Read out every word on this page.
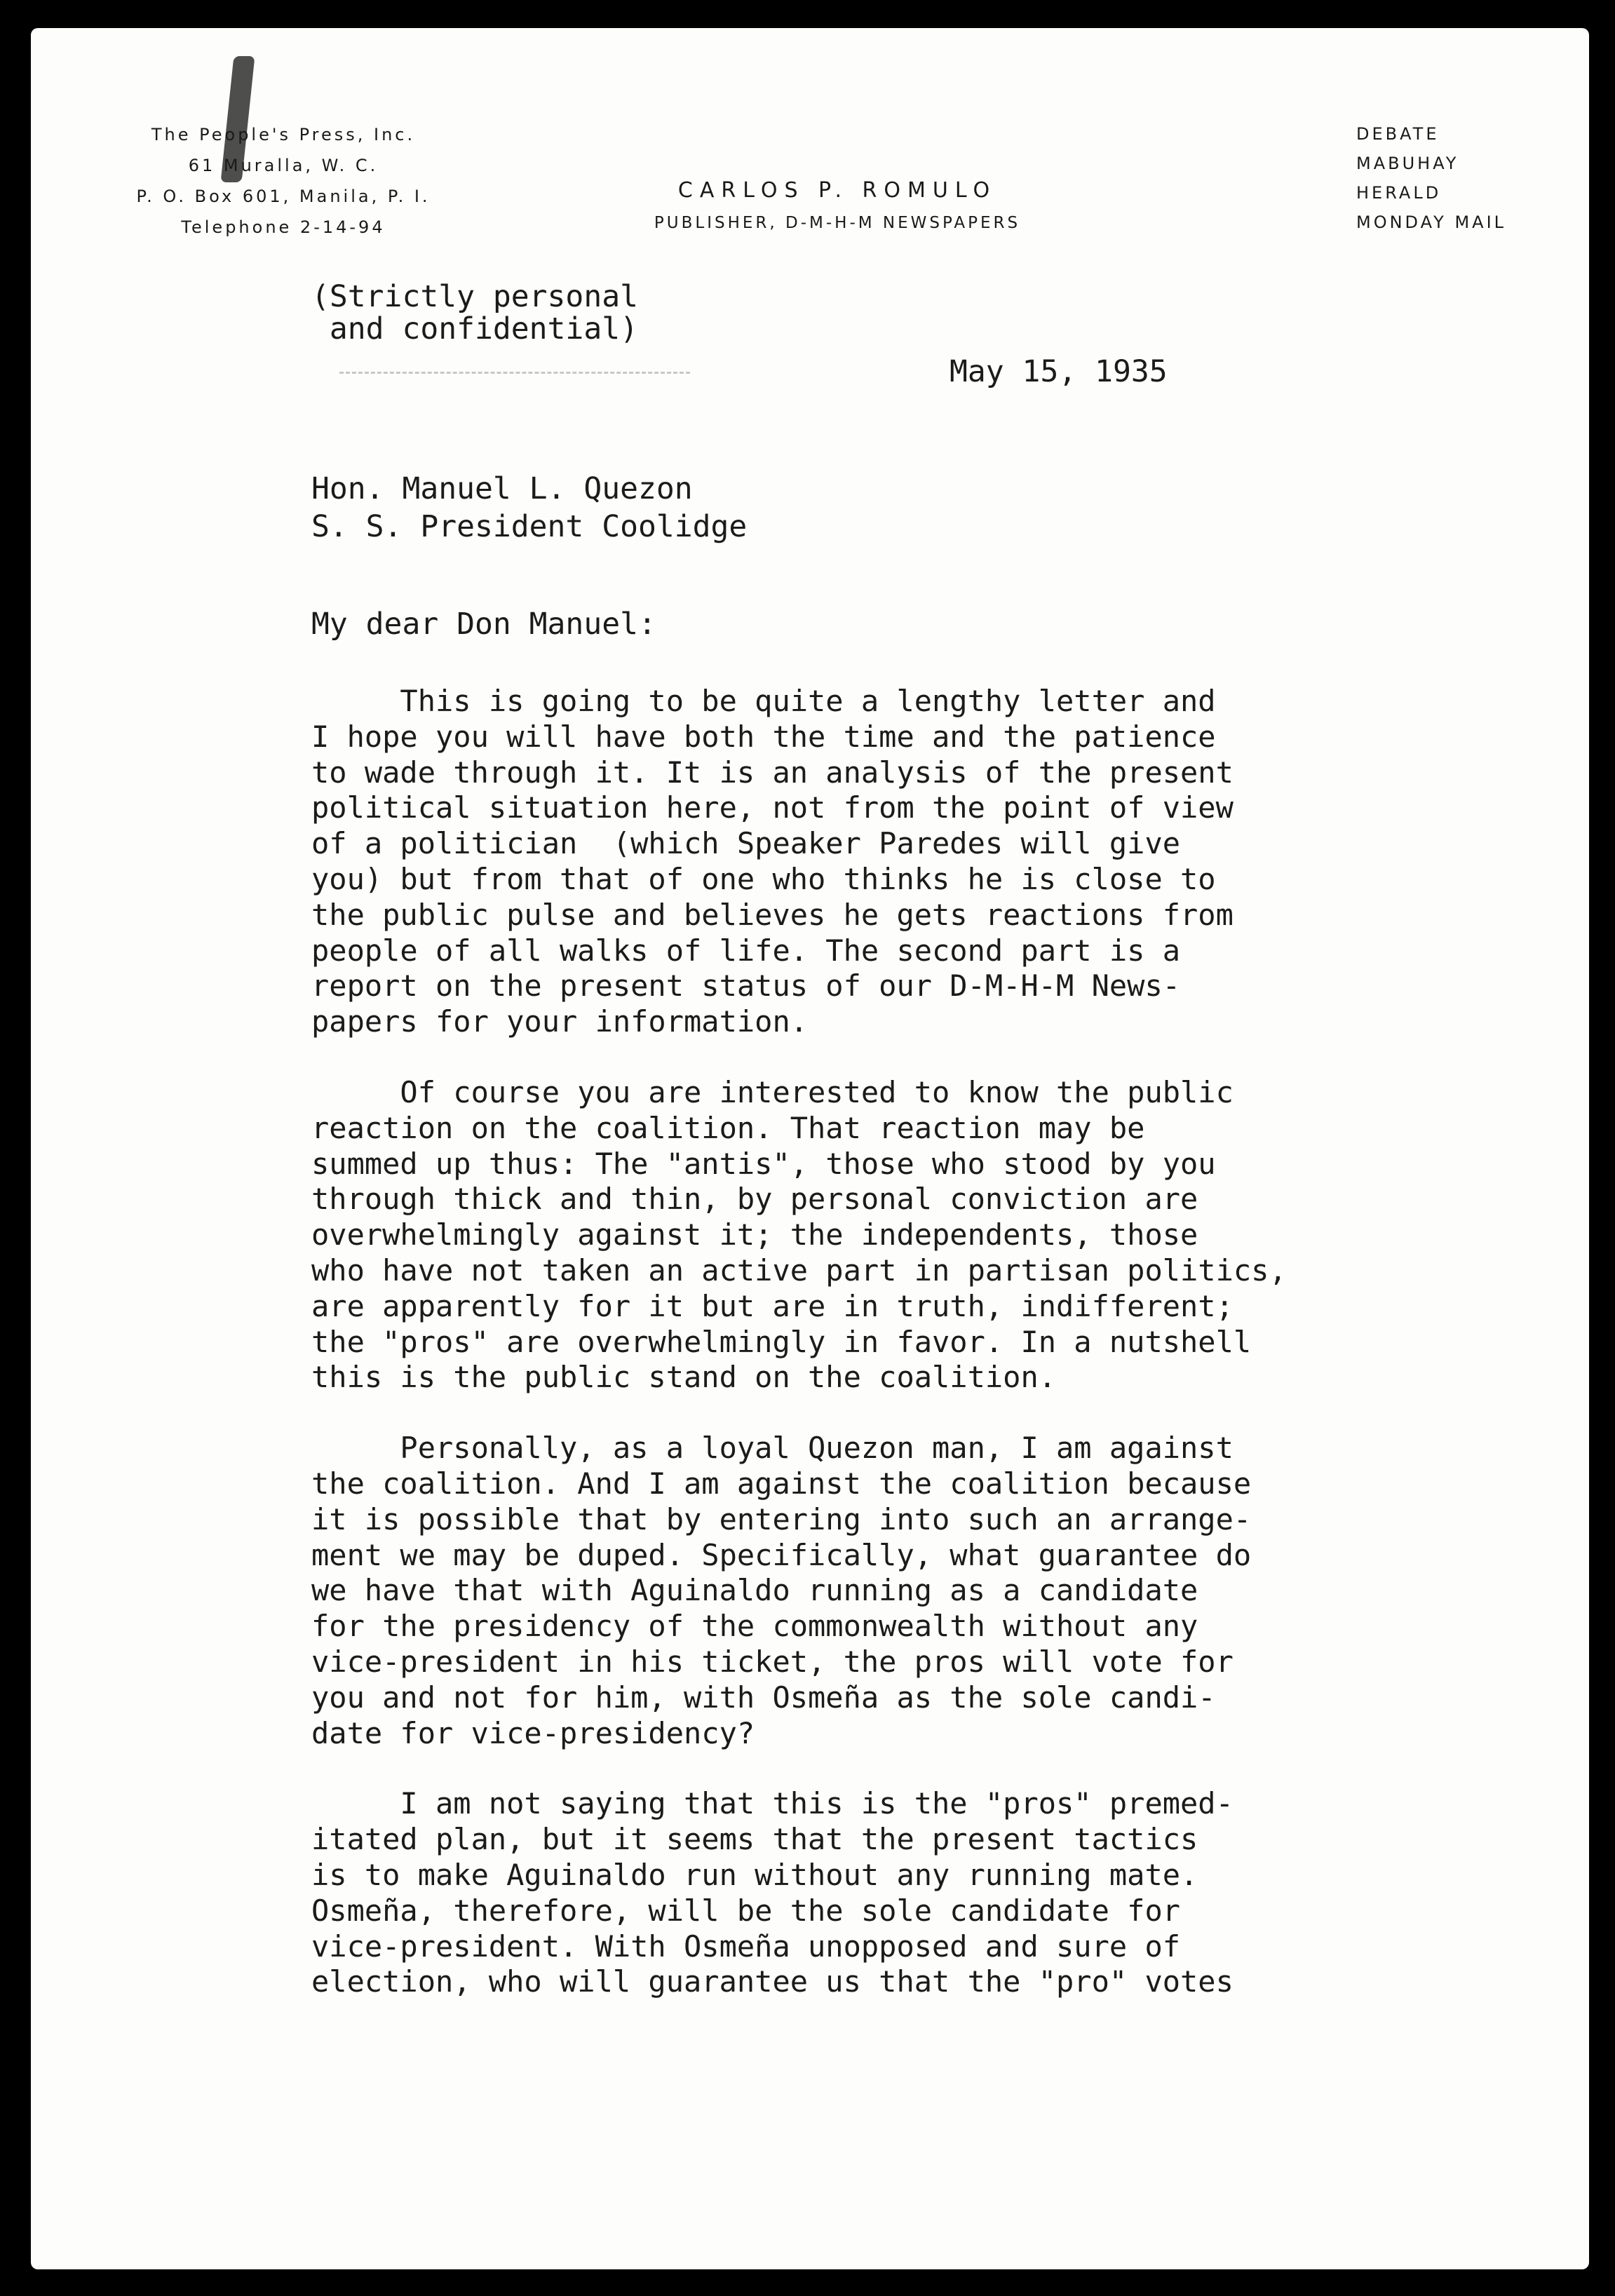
The People's Press, Inc.
61 Muralla, W. C.
P. O. Box 601, Manila, P. I.
Telephone 2-14-94
CARLOS P. ROMULO
PUBLISHER, D-M-H-M NEWSPAPERS
DEBATE
MABUHAY
HERALD
MONDAY MAIL
(Strictly personal
and confidential)
May 15, 1935
Hon. Manuel L. Quezon
S. S. President Coolidge
My dear Don Manuel:

This is going to be quite a lengthy letter and
I hope you will have both the time and the patience
to wade through it. It is an analysis of the present
political situation here, not from the point of view
of a politician  (which Speaker Paredes will give
you) but from that of one who thinks he is close to
the public pulse and believes he gets reactions from
people of all walks of life. The second part is a
report on the present status of our D-M-H-M News-
papers for your information.

Of course you are interested to know the public
reaction on the coalition. That reaction may be
summed up thus: The "antis", those who stood by you
through thick and thin, by personal conviction are
overwhelmingly against it; the independents, those
who have not taken an active part in partisan politics,
are apparently for it but are in truth, indifferent;
the "pros" are overwhelmingly in favor. In a nutshell
this is the public stand on the coalition.

Personally, as a loyal Quezon man, I am against
the coalition. And I am against the coalition because
it is possible that by entering into such an arrange-
ment we may be duped. Specifically, what guarantee do
we have that with Aguinaldo running as a candidate
for the presidency of the commonwealth without any
vice-president in his ticket, the pros will vote for
you and not for him, with Osmeña as the sole candi-
date for vice-presidency?

I am not saying that this is the "pros" premed-
itated plan, but it seems that the present tactics
is to make Aguinaldo run without any running mate.
Osmeña, therefore, will be the sole candidate for
vice-president. With Osmeña unopposed and sure of
election, who will guarantee us that the "pro" votes
